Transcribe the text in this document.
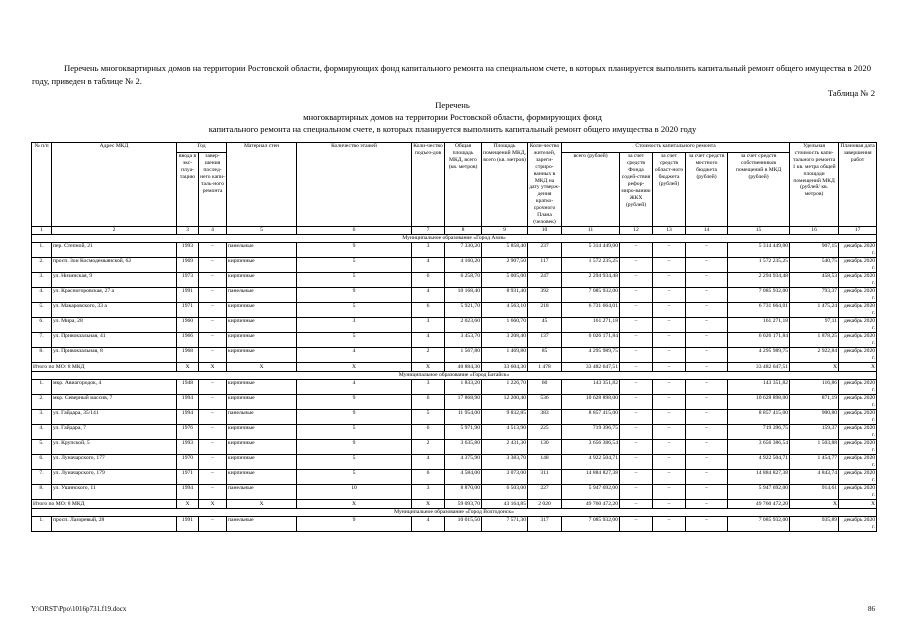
Перечень многоквартирных домов на территории Ростовской области, формирующих фонд капитального ремонта на специальном счете, в которых планируется выполнить капитальный ремонт общего имущества в 2020 году, приведен в таблице № 2.
Таблица № 2
Перечень
многоквартирных домов на территории Ростовской области, формирующих фонд
капитального ремонта на специальном счете, в которых планируется выполнить капитальный ремонт общего имущества в 2020 году
№ п/п	Адрес МКД	Год		Материал стен	Количество этажей	Коли-чество подъез-дов	Общая площадь МКД, всего (кв. метров)	Площадь помещений МКД, всего (кв. метров)	Коли-чество жителей, зареги-стриро-ванных в МКД на дату утверж-дения кратко-срочного Плана (человек)	Стоимость капитального ремонта					Удельная стоимость капи-тального ремонта 1 кв. метра общей площади помещений МКД (рублей/ кв. метров)	Плановая дата завершения работ
		ввода в экс-плуа-тацию	завер-шения послед-него капи-таль-ного ремонта							всего (рублей)	за счет средств Фонда содей-ствия рефор-миро-ванию ЖКХ (рублей)	за счет средств област-ного бюджета (рублей)	за счет средств местного бюджета (рублей)	за счет средств собственников помещений в МКД (рублей)		
1	2	3	4	5	6	7	8	9	10	11	12	13	14	15	16	17
Муниципальное образование «Город Азов»																
1.	пер. Степной, 21	1993	–	панельные	9	3	7 330,20	5 858,40	237	5 314 449,00	–	–	–	5 314 449,00	907,15	декабрь 2020 г.
2.	просп. Зои Космодемьянской, 62	1969	–	кирпичные	5	4	4 160,20	2 907,50	117	1 572 235,25	–	–	–	1 572 235,25	540,75	декабрь 2020 г.
3.	ул. Низинская, 9	1973	–	кирпичные	5	6	6 258,70	5 005,00	247	2 294 934,48	–	–	–	2 294 934,48	458,53	декабрь 2020 г.
4.	ул. Красногоровская, 27 а	1991	–	панельные	9	4	10 168,40	8 931,40	392	7 085 932,00	–	–	–	7 085 932,00	793,37	декабрь 2020 г.
5.	ул. Макаровского, 33 а	1971	–	кирпичные	5	6	5 921,70	4 563,10	218	6 731 664,01	–	–	–	6 731 664,01	1 475,24	декабрь 2020 г.
6.	ул. Мира, 28	1960	–	кирпичные	3	3	2 023,60	1 660,70	45	161 271,18	–	–	–	161 271,18	97,11	декабрь 2020 г.
7.	ул. Привокзальная, 41	1966	–	кирпичные	5	4	3 453,70	3 208,40	137	6 026 171,84	–	–	–	6 026 171,84	1 878,25	декабрь 2020 г.
8.	ул. Привокзальная, 8	1968	–	кирпичные	4	2	1 567,80	1 469,80	85	4 295 989,75	–	–	–	4 295 989,75	2 922,84	декабрь 2020 г.
Итого по МО: 8 МКД		X	X	X	X	X	40 884,30	33 604,30	1 478	33 482 647,51	–	–	–	33 482 647,51	X	X
Муниципальное образование «Город Батайск»																
1.	мкр. Авиагородок, 4	1948	–	кирпичные	4	3	1 833,20	1 226,70	60	143 351,82	–	–	–	143 351,82	116,86	декабрь 2020 г.
2.	мкр. Северный массив, 7	1994	–	кирпичные	9	6	17 868,90	12 200,40	536	10 628 898,00	–	–	–	10 628 898,00	871,19	декабрь 2020 г.
3.	ул. Гайдара, 35/141	1994	–	панельные	9	5	11 954,00	9 832,85	383	8 857 415,00	–	–	–	8 857 415,00	900,80	декабрь 2020 г.
4.	ул. Гайдара, 7	1976	–	кирпичные	5	6	5 971,90	4 513,90	225	719 396,75	–	–	–	719 396,75	159,37	декабрь 2020 г.
5.	ул. Крупской, 5	1993	–	кирпичные	9	2	3 635,80	2 431,30	130	3 656 386,54	–	–	–	3 656 386,54	1 503,88	декабрь 2020 г.
6.	ул. Луначарского, 177	1970	–	кирпичные	5	4	4 375,90	3 383,70	148	4 922 504,71	–	–	–	4 922 504,71	1 454,77	декабрь 2020 г.
7.	ул. Луначарского, 179	1971	–	кирпичные	5	6	4 584,00	3 073,00	311	14 884 827,38	–	–	–	14 884 827,38	4 843,74	декабрь 2020 г.
8.	ул. Ушинского, 11	1994	–	панельные	10	3	8 870,00	6 503,00	227	5 947 692,00	–	–	–	5 947 692,00	914,61	декабрь 2020 г.
Итого по МО: 8 МКД		X	X	X	X	X	59 093,70	43 164,85	2 020	49 760 472,20	–	–	–	49 760 472,20	X	X
Муниципальное образование «Город Волгодонск»																
1.	просп. Лазоревый, 28	1991	–	панельные	9	4	10 015,50	7 571,30	317	7 085 932,00	–	–	–	7 085 932,00	935,89	декабрь 2020 г.
Y:\ORST\Ppo\1016p731.f19.docx	86
